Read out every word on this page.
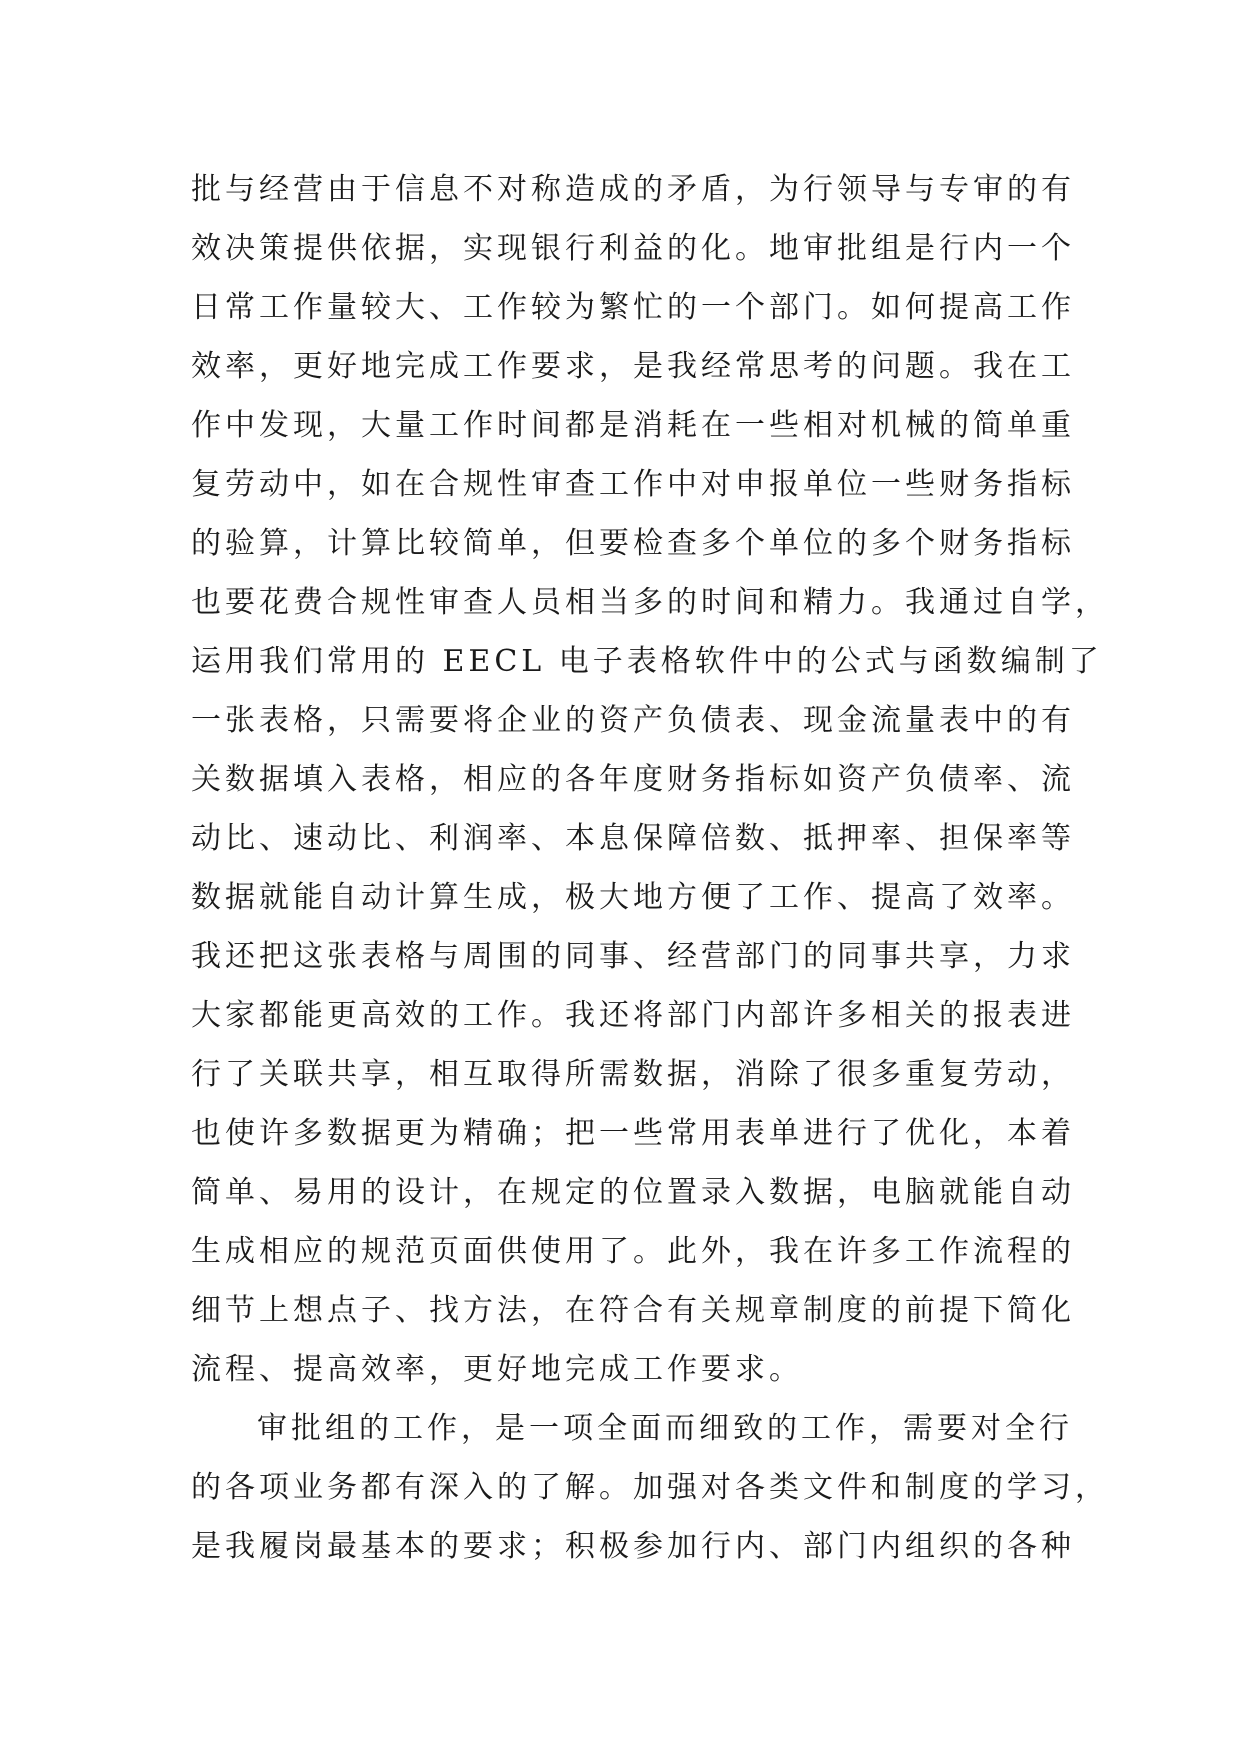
批与经营由于信息不对称造成的矛盾，为行领导与专审的有
效决策提供依据，实现银行利益的化。地审批组是行内一个
日常工作量较大、工作较为繁忙的一个部门。如何提高工作
效率，更好地完成工作要求，是我经常思考的问题。我在工
作中发现，大量工作时间都是消耗在一些相对机械的简单重
复劳动中，如在合规性审查工作中对申报单位一些财务指标
的验算，计算比较简单，但要检查多个单位的多个财务指标
也要花费合规性审查人员相当多的时间和精力。我通过自学，
运用我们常用的 EECL 电子表格软件中的公式与函数编制了
一张表格，只需要将企业的资产负债表、现金流量表中的有
关数据填入表格，相应的各年度财务指标如资产负债率、流
动比、速动比、利润率、本息保障倍数、抵押率、担保率等
数据就能自动计算生成，极大地方便了工作、提高了效率。
我还把这张表格与周围的同事、经营部门的同事共享，力求
大家都能更高效的工作。我还将部门内部许多相关的报表进
行了关联共享，相互取得所需数据，消除了很多重复劳动，
也使许多数据更为精确；把一些常用表单进行了优化，本着
简单、易用的设计，在规定的位置录入数据，电脑就能自动
生成相应的规范页面供使用了。此外，我在许多工作流程的
细节上想点子、找方法，在符合有关规章制度的前提下简化
流程、提高效率，更好地完成工作要求。
审批组的工作，是一项全面而细致的工作，需要对全行
的各项业务都有深入的了解。加强对各类文件和制度的学习，
是我履岗最基本的要求；积极参加行内、部门内组织的各种
